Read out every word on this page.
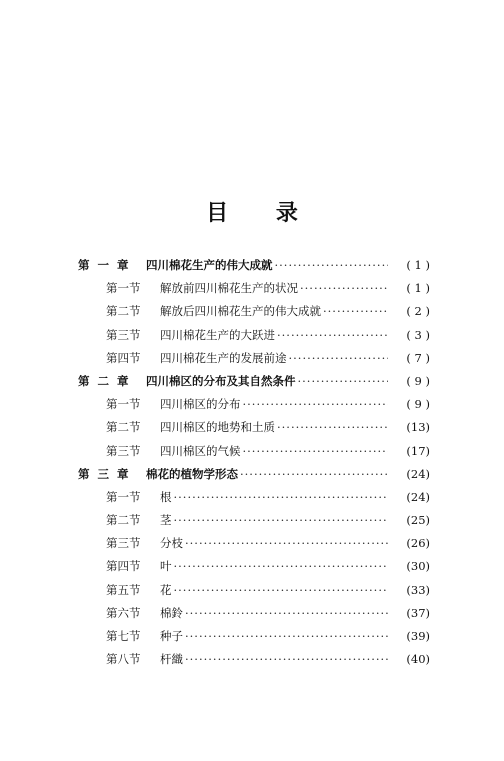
目 录
第 一 章	四川棉花生产的伟大成就 ·····	( 1 )
第一节	解放前四川棉花生产的状况 ·····	( 1 )
第二节	解放后四川棉花生产的伟大成就 ·····	( 2 )
第三节	四川棉花生产的大跃进 ·····	( 3 )
第四节	四川棉花生产的发展前途 ·····	( 7 )
第 二 章	四川棉区的分布及其自然条件 ·····	( 9 )
第一节	四川棉区的分布 ·····	( 9 )
第二节	四川棉区的地势和土质 ·····	(13)
第三节	四川棉区的气候 ·····	(17)
第 三 章	棉花的植物学形态 ·····	(24)
第一节	根 ·····	(24)
第二节	茎 ·····	(25)
第三节	分枝 ·····	(26)
第四节	叶 ·····	(30)
第五节	花 ·····	(33)
第六节	棉鈴 ·····	(37)
第七节	种子 ·····	(39)
第八节	杆織 ·····	(40)
